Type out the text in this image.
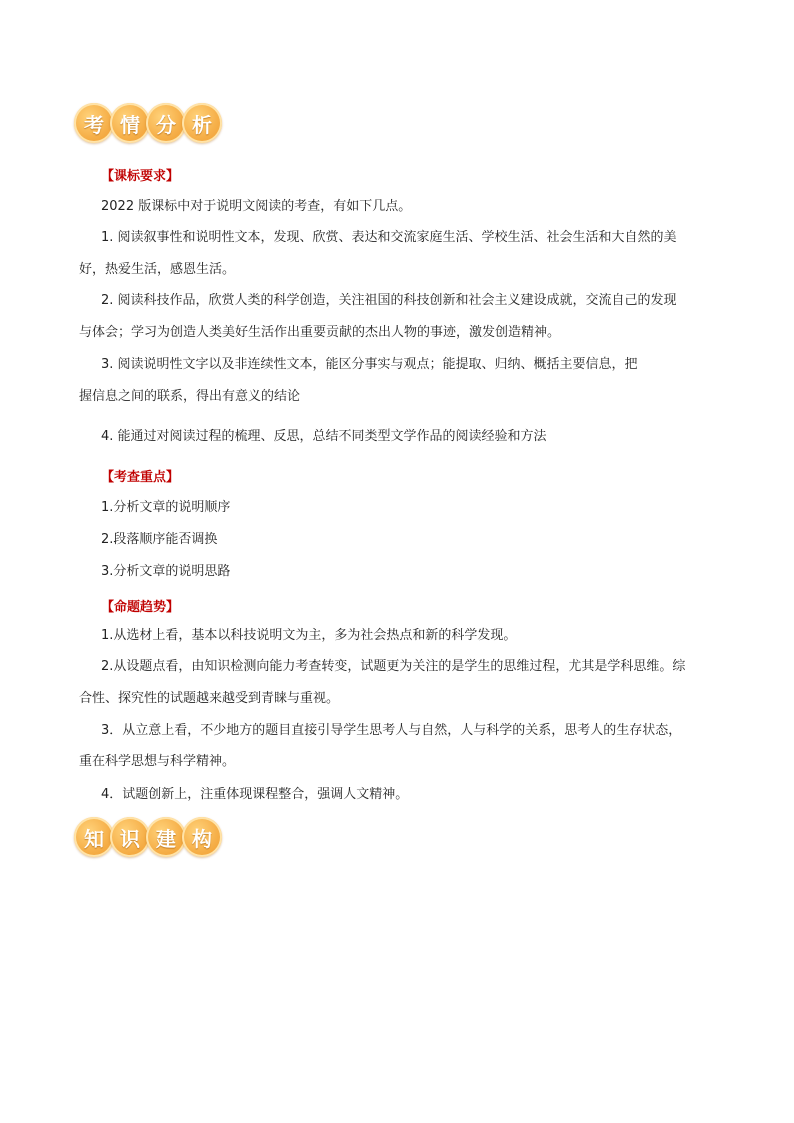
考 情 分 析
【课标要求】
2022 版课标中对于说明文阅读的考查，有如下几点。
1. 阅读叙事性和说明性文本，发现、欣赏、表达和交流家庭生活、学校生活、社会生活和大自然的美
好，热爱生活，感恩生活。
2. 阅读科技作品，欣赏人类的科学创造，关注祖国的科技创新和社会主义建设成就，交流自己的发现
与体会；学习为创造人类美好生活作出重要贡献的杰出人物的事迹，激发创造精神。
3. 阅读说明性文字以及非连续性文本，能区分事实与观点；能提取、归纳、概括主要信息，把
握信息之间的联系，得出有意义的结论
4. 能通过对阅读过程的梳理、反思，总结不同类型文学作品的阅读经验和方法
【考查重点】
1.分析文章的说明顺序
2.段落顺序能否调换
3.分析文章的说明思路
【命题趋势】
1.从选材上看，基本以科技说明文为主，多为社会热点和新的科学发现。
2.从设题点看，由知识检测向能力考查转变，试题更为关注的是学生的思维过程，尤其是学科思维。综
合性、探究性的试题越来越受到青睐与重视。
3．从立意上看，不少地方的题目直接引导学生思考人与自然，人与科学的关系，思考人的生存状态，
重在科学思想与科学精神。
4．试题创新上，注重体现课程整合，强调人文精神。
知 识 建 构
